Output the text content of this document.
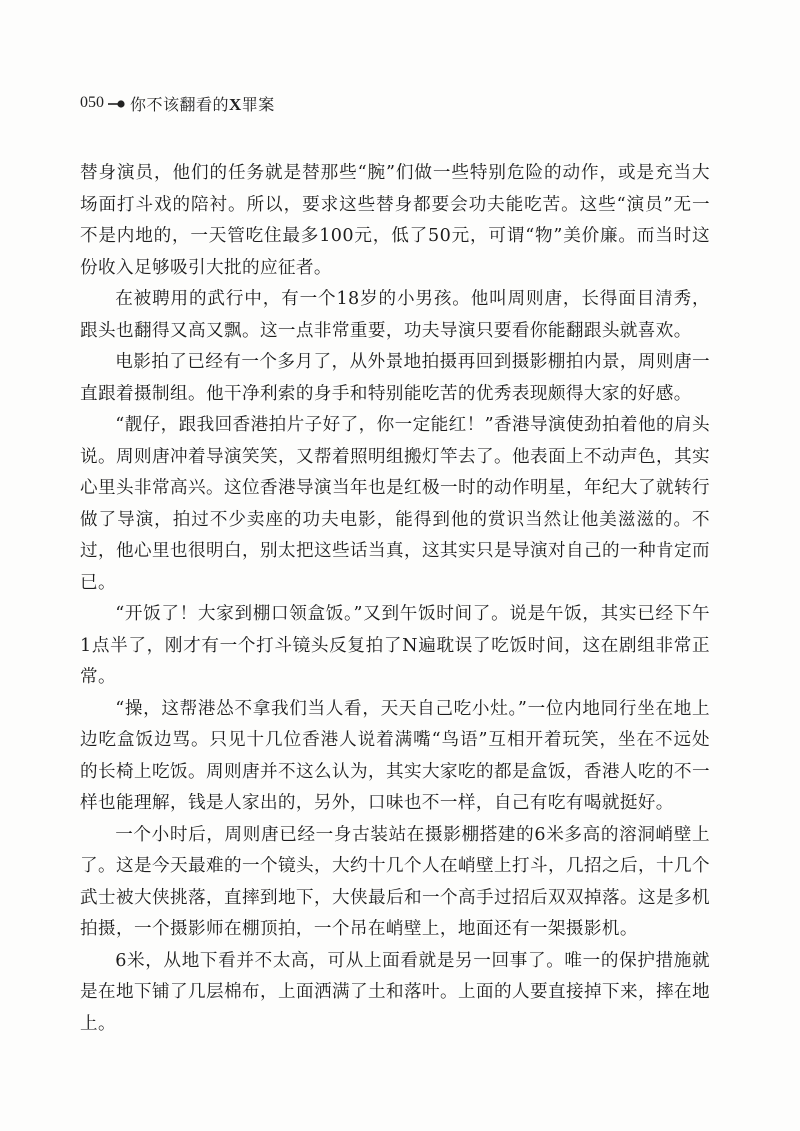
050 你不该翻看的X罪案

替身演员，他们的任务就是替那些“腕”们做一些特别危险的动作，或是充当大场面打斗戏的陪衬。所以，要求这些替身都要会功夫能吃苦。这些“演员”无一不是内地的，一天管吃住最多100元，低了50元，可谓“物”美价廉。而当时这份收入足够吸引大批的应征者。

在被聘用的武行中，有一个18岁的小男孩。他叫周则唐，长得面目清秀，跟头也翻得又高又飘。这一点非常重要，功夫导演只要看你能翻跟头就喜欢。

电影拍了已经有一个多月了，从外景地拍摄再回到摄影棚拍内景，周则唐一直跟着摄制组。他干净利索的身手和特别能吃苦的优秀表现颇得大家的好感。

“靓仔，跟我回香港拍片子好了，你一定能红！”香港导演使劲拍着他的肩头说。周则唐冲着导演笑笑，又帮着照明组搬灯竿去了。他表面上不动声色，其实心里头非常高兴。这位香港导演当年也是红极一时的动作明星，年纪大了就转行做了导演，拍过不少卖座的功夫电影，能得到他的赏识当然让他美滋滋的。不过，他心里也很明白，别太把这些话当真，这其实只是导演对自己的一种肯定而已。

“开饭了！大家到棚口领盒饭。”又到午饭时间了。说是午饭，其实已经下午1点半了，刚才有一个打斗镜头反复拍了N遍耽误了吃饭时间，这在剧组非常正常。

“操，这帮港怂不拿我们当人看，天天自己吃小灶。”一位内地同行坐在地上边吃盒饭边骂。只见十几位香港人说着满嘴“鸟语”互相开着玩笑，坐在不远处的长椅上吃饭。周则唐并不这么认为，其实大家吃的都是盒饭，香港人吃的不一样也能理解，钱是人家出的，另外，口味也不一样，自己有吃有喝就挺好。

一个小时后，周则唐已经一身古装站在摄影棚搭建的6米多高的溶洞峭壁上了。这是今天最难的一个镜头，大约十几个人在峭壁上打斗，几招之后，十几个武士被大侠挑落，直摔到地下，大侠最后和一个高手过招后双双掉落。这是多机拍摄，一个摄影师在棚顶拍，一个吊在峭壁上，地面还有一架摄影机。

6米，从地下看并不太高，可从上面看就是另一回事了。唯一的保护措施就是在地下铺了几层棉布，上面洒满了土和落叶。上面的人要直接掉下来，摔在地上。
